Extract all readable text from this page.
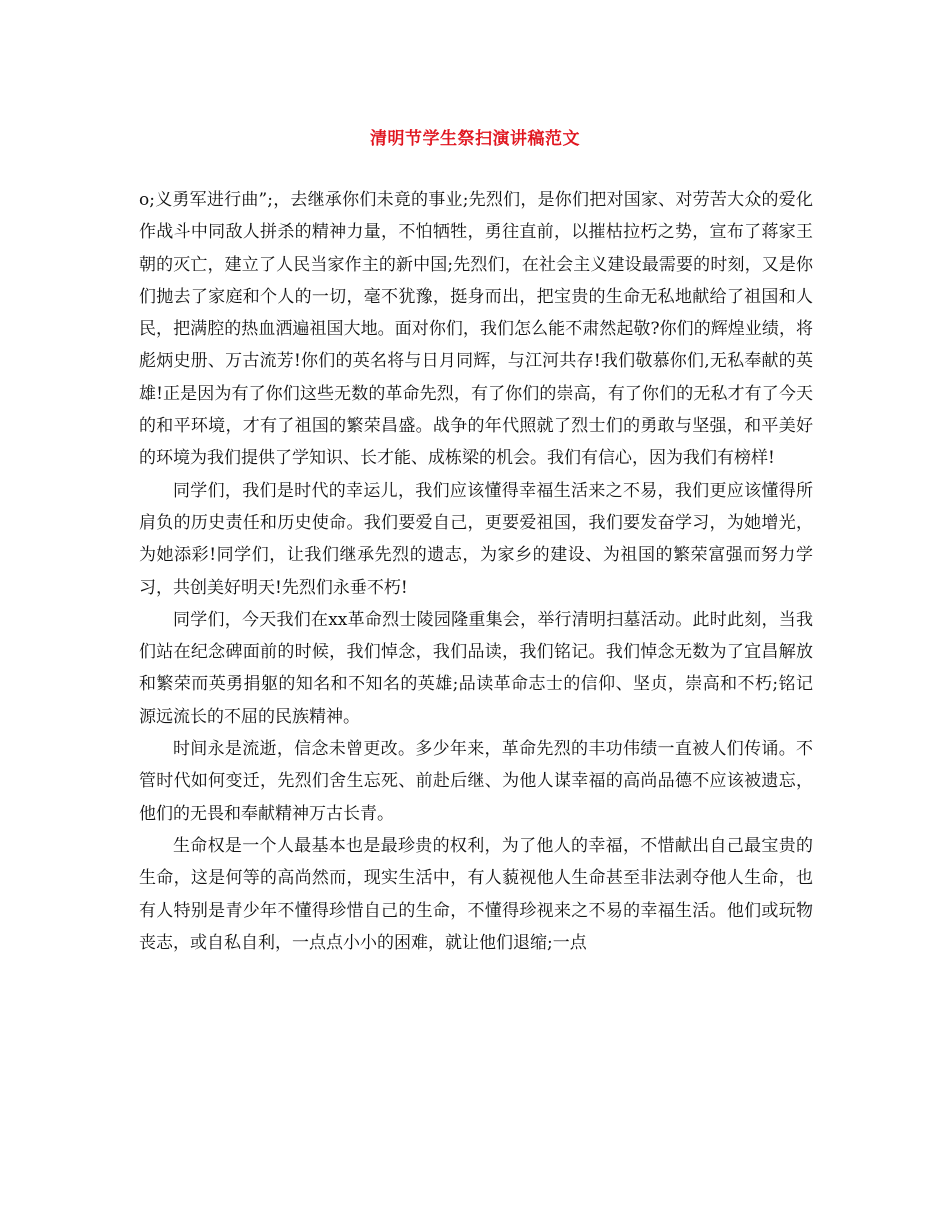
清明节学生祭扫演讲稿范文

o;义勇军进行曲”;，去继承你们未竟的事业;先烈们，是你们把对国家、对劳苦大众的爱化作战斗中同敌人拼杀的精神力量，不怕牺牲，勇往直前，以摧枯拉朽之势，宣布了蒋家王朝的灭亡，建立了人民当家作主的新中国;先烈们，在社会主义建设最需要的时刻，又是你们抛去了家庭和个人的一切，毫不犹豫，挺身而出，把宝贵的生命无私地献给了祖国和人民，把满腔的热血洒遍祖国大地。面对你们，我们怎么能不肃然起敬?你们的辉煌业绩，将彪炳史册、万古流芳!你们的英名将与日月同辉，与江河共存!我们敬慕你们,无私奉献的英雄!正是因为有了你们这些无数的革命先烈，有了你们的崇高，有了你们的无私才有了今天的和平环境，才有了祖国的繁荣昌盛。战争的年代照就了烈士们的勇敢与坚强，和平美好的环境为我们提供了学知识、长才能、成栋梁的机会。我们有信心，因为我们有榜样!

同学们，我们是时代的幸运儿，我们应该懂得幸福生活来之不易，我们更应该懂得所肩负的历史责任和历史使命。我们要爱自己，更要爱祖国，我们要发奋学习，为她增光，为她添彩!同学们，让我们继承先烈的遗志，为家乡的建设、为祖国的繁荣富强而努力学习，共创美好明天!先烈们永垂不朽!

同学们，今天我们在xx革命烈士陵园隆重集会，举行清明扫墓活动。此时此刻，当我们站在纪念碑面前的时候，我们悼念，我们品读，我们铭记。我们悼念无数为了宜昌解放和繁荣而英勇捐躯的知名和不知名的英雄;品读革命志士的信仰、坚贞，崇高和不朽;铭记源远流长的不屈的民族精神。

时间永是流逝，信念未曾更改。多少年来，革命先烈的丰功伟绩一直被人们传诵。不管时代如何变迁，先烈们舍生忘死、前赴后继、为他人谋幸福的高尚品德不应该被遗忘，他们的无畏和奉献精神万古长青。

生命权是一个人最基本也是最珍贵的权利，为了他人的幸福，不惜献出自己最宝贵的生命，这是何等的高尚然而，现实生活中，有人藐视他人生命甚至非法剥夺他人生命，也有人特别是青少年不懂得珍惜自己的生命，不懂得珍视来之不易的幸福生活。他们或玩物丧志，或自私自利，一点点小小的困难，就让他们退缩;一点
